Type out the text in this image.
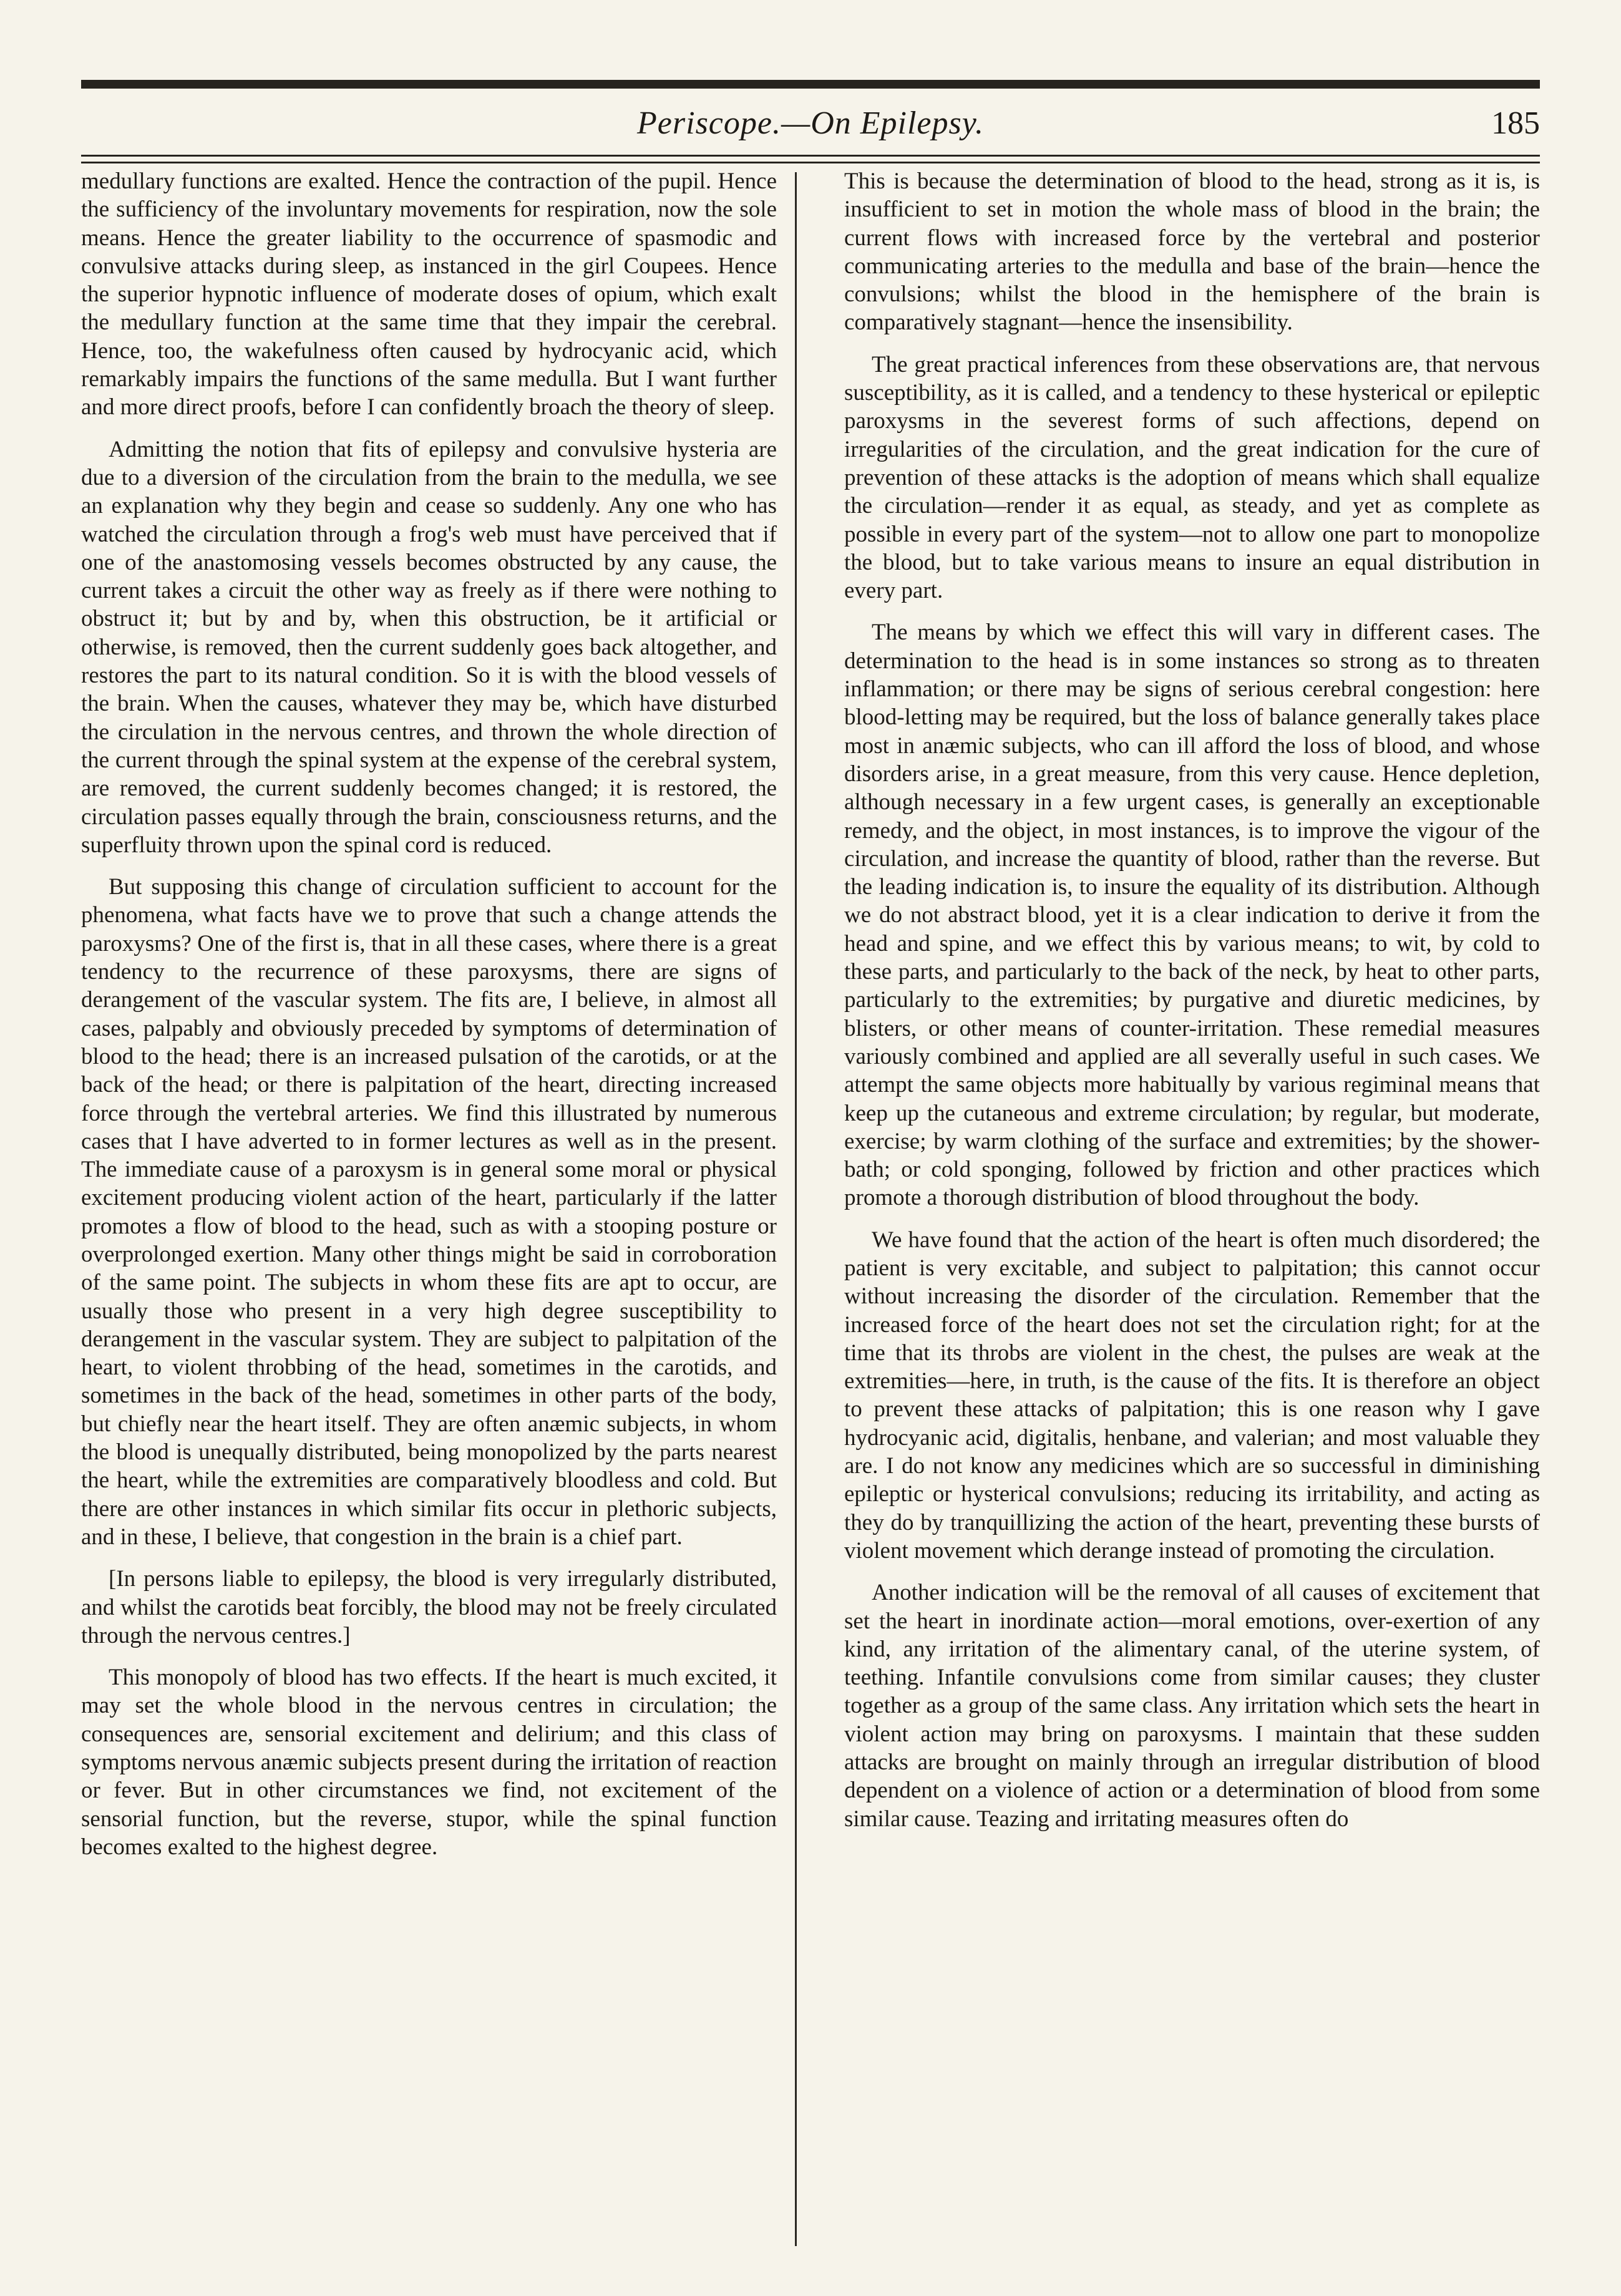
Periscope.—On Epilepsy.	185

medullary functions are exalted. Hence the contraction of the pupil. Hence the sufficiency of the involuntary movements for respiration, now the sole means. Hence the greater liability to the occurrence of spasmodic and convulsive attacks during sleep, as instanced in the girl Coupees. Hence the superior hypnotic influence of moderate doses of opium, which exalt the medullary function at the same time that they impair the cerebral. Hence, too, the wakefulness often caused by hydrocyanic acid, which remarkably impairs the functions of the same medulla. But I want further and more direct proofs, before I can confidently broach the theory of sleep.

Admitting the notion that fits of epilepsy and convulsive hysteria are due to a diversion of the circulation from the brain to the medulla, we see an explanation why they begin and cease so suddenly. Any one who has watched the circulation through a frog's web must have perceived that if one of the anastomosing vessels becomes obstructed by any cause, the current takes a circuit the other way as freely as if there were nothing to obstruct it; but by and by, when this obstruction, be it artificial or otherwise, is removed, then the current suddenly goes back altogether, and restores the part to its natural condition. So it is with the blood vessels of the brain. When the causes, whatever they may be, which have disturbed the circulation in the nervous centres, and thrown the whole direction of the current through the spinal system at the expense of the cerebral system, are removed, the current suddenly becomes changed; it is restored, the circulation passes equally through the brain, consciousness returns, and the superfluity thrown upon the spinal cord is reduced.

But supposing this change of circulation sufficient to account for the phenomena, what facts have we to prove that such a change attends the paroxysms? One of the first is, that in all these cases, where there is a great tendency to the recurrence of these paroxysms, there are signs of derangement of the vascular system. The fits are, I believe, in almost all cases, palpably and obviously preceded by symptoms of determination of blood to the head; there is an increased pulsation of the carotids, or at the back of the head; or there is palpitation of the heart, directing increased force through the vertebral arteries. We find this illustrated by numerous cases that I have adverted to in former lectures as well as in the present. The immediate cause of a paroxysm is in general some moral or physical excitement producing violent action of the heart, particularly if the latter promotes a flow of blood to the head, such as with a stooping posture or overprolonged exertion. Many other things might be said in corroboration of the same point. The subjects in whom these fits are apt to occur, are usually those who present in a very high degree susceptibility to derangement in the vascular system. They are subject to palpitation of the heart, to violent throbbing of the head, sometimes in the carotids, and sometimes in the back of the head, sometimes in other parts of the body, but chiefly near the heart itself. They are often anæmic subjects, in whom the blood is unequally distributed, being monopolized by the parts nearest the heart, while the extremities are comparatively bloodless and cold. But there are other instances in which similar fits occur in plethoric subjects, and in these, I believe, that congestion in the brain is a chief part.

[In persons liable to epilepsy, the blood is very irregularly distributed, and whilst the carotids beat forcibly, the blood may not be freely circulated through the nervous centres.]

This monopoly of blood has two effects. If the heart is much excited, it may set the whole blood in the nervous centres in circulation; the consequences are, sensorial excitement and delirium; and this class of symptoms nervous anæmic subjects present during the irritation of reaction or fever. But in other circumstances we find, not excitement of the sensorial function, but the reverse, stupor, while the spinal function becomes exalted to the highest degree.

This is because the determination of blood to the head, strong as it is, is insufficient to set in motion the whole mass of blood in the brain; the current flows with increased force by the vertebral and posterior communicating arteries to the medulla and base of the brain—hence the convulsions; whilst the blood in the hemisphere of the brain is comparatively stagnant—hence the insensibility.

The great practical inferences from these observations are, that nervous susceptibility, as it is called, and a tendency to these hysterical or epileptic paroxysms in the severest forms of such affections, depend on irregularities of the circulation, and the great indication for the cure of prevention of these attacks is the adoption of means which shall equalize the circulation—render it as equal, as steady, and yet as complete as possible in every part of the system—not to allow one part to monopolize the blood, but to take various means to insure an equal distribution in every part.

The means by which we effect this will vary in different cases. The determination to the head is in some instances so strong as to threaten inflammation; or there may be signs of serious cerebral congestion: here blood-letting may be required, but the loss of balance generally takes place most in anæmic subjects, who can ill afford the loss of blood, and whose disorders arise, in a great measure, from this very cause. Hence depletion, although necessary in a few urgent cases, is generally an exceptionable remedy, and the object, in most instances, is to improve the vigour of the circulation, and increase the quantity of blood, rather than the reverse. But the leading indication is, to insure the equality of its distribution. Although we do not abstract blood, yet it is a clear indication to derive it from the head and spine, and we effect this by various means; to wit, by cold to these parts, and particularly to the back of the neck, by heat to other parts, particularly to the extremities; by purgative and diuretic medicines, by blisters, or other means of counter-irritation. These remedial measures variously combined and applied are all severally useful in such cases. We attempt the same objects more habitually by various regiminal means that keep up the cutaneous and extreme circulation; by regular, but moderate, exercise; by warm clothing of the surface and extremities; by the shower-bath; or cold sponging, followed by friction and other practices which promote a thorough distribution of blood throughout the body.

We have found that the action of the heart is often much disordered; the patient is very excitable, and subject to palpitation; this cannot occur without increasing the disorder of the circulation. Remember that the increased force of the heart does not set the circulation right; for at the time that its throbs are violent in the chest, the pulses are weak at the extremities—here, in truth, is the cause of the fits. It is therefore an object to prevent these attacks of palpitation; this is one reason why I gave hydrocyanic acid, digitalis, henbane, and valerian; and most valuable they are. I do not know any medicines which are so successful in diminishing epileptic or hysterical convulsions; reducing its irritability, and acting as they do by tranquillizing the action of the heart, preventing these bursts of violent movement which derange instead of promoting the circulation.

Another indication will be the removal of all causes of excitement that set the heart in inordinate action—moral emotions, over-exertion of any kind, any irritation of the alimentary canal, of the uterine system, of teething. Infantile convulsions come from similar causes; they cluster together as a group of the same class. Any irritation which sets the heart in violent action may bring on paroxysms. I maintain that these sudden attacks are brought on mainly through an irregular distribution of blood dependent on a violence of action or a determination of blood from some similar cause. Teazing and irritating measures often do
